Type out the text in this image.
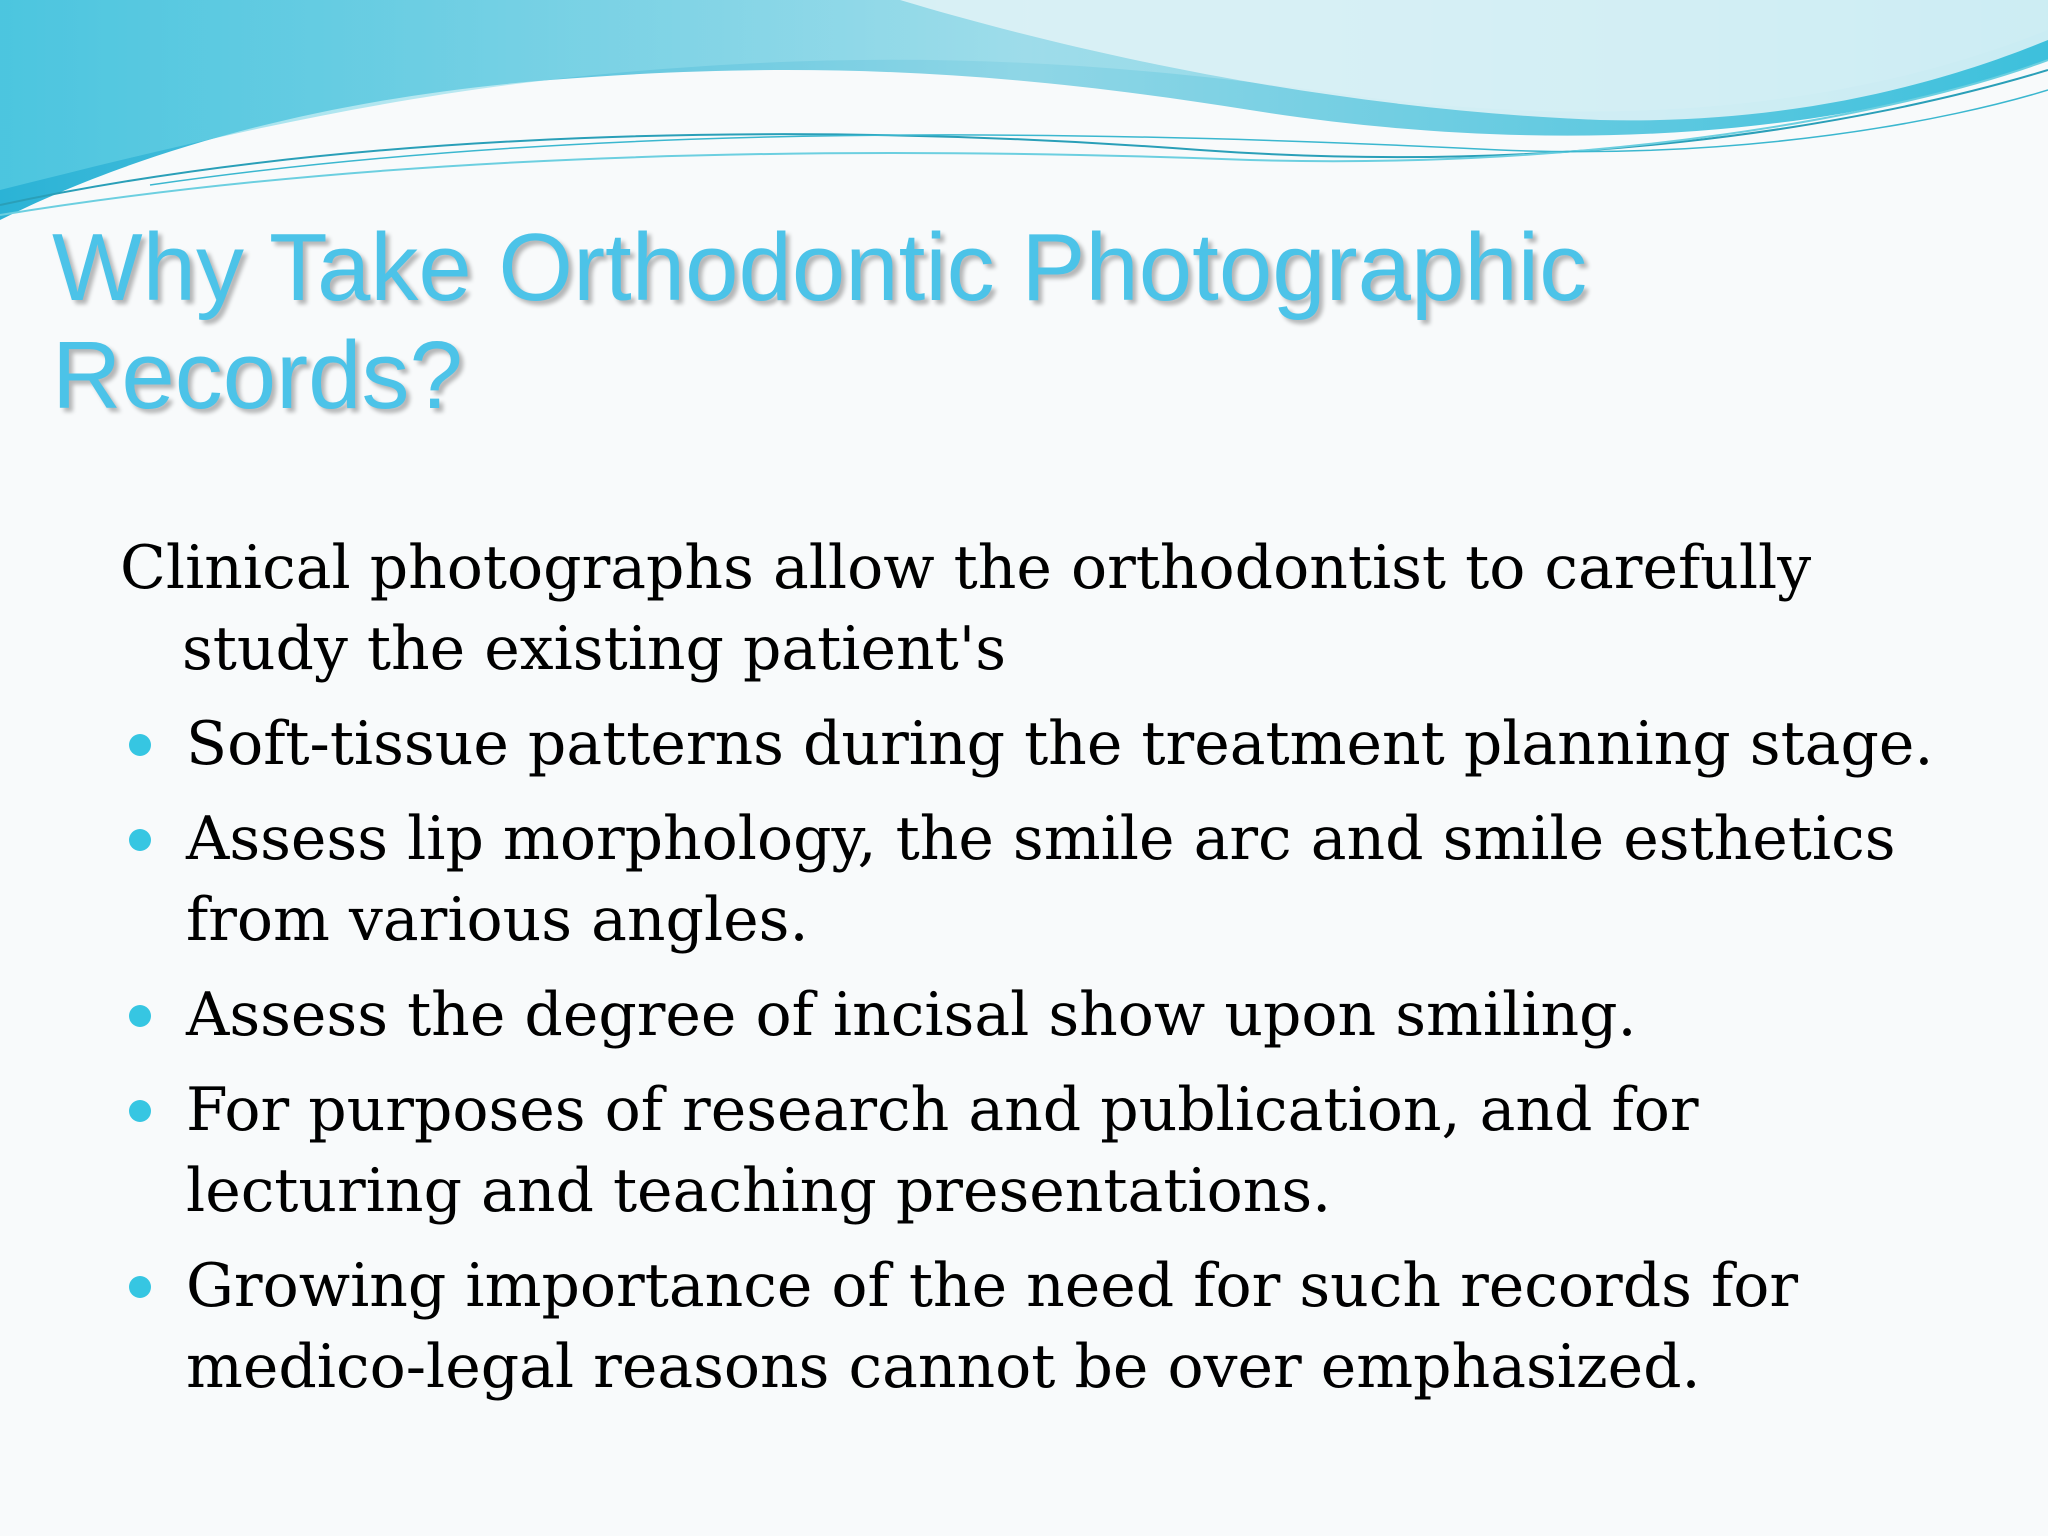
Why Take Orthodontic Photographic Records?

Clinical photographs allow the orthodontist to carefully study the existing patient's

Soft-tissue patterns during the treatment planning stage.
Assess lip morphology, the smile arc and smile esthetics from various angles.
Assess the degree of incisal show upon smiling.
For purposes of research and publication, and for lecturing and teaching presentations.
Growing importance of the need for such records for medico-legal reasons cannot be over emphasized.
